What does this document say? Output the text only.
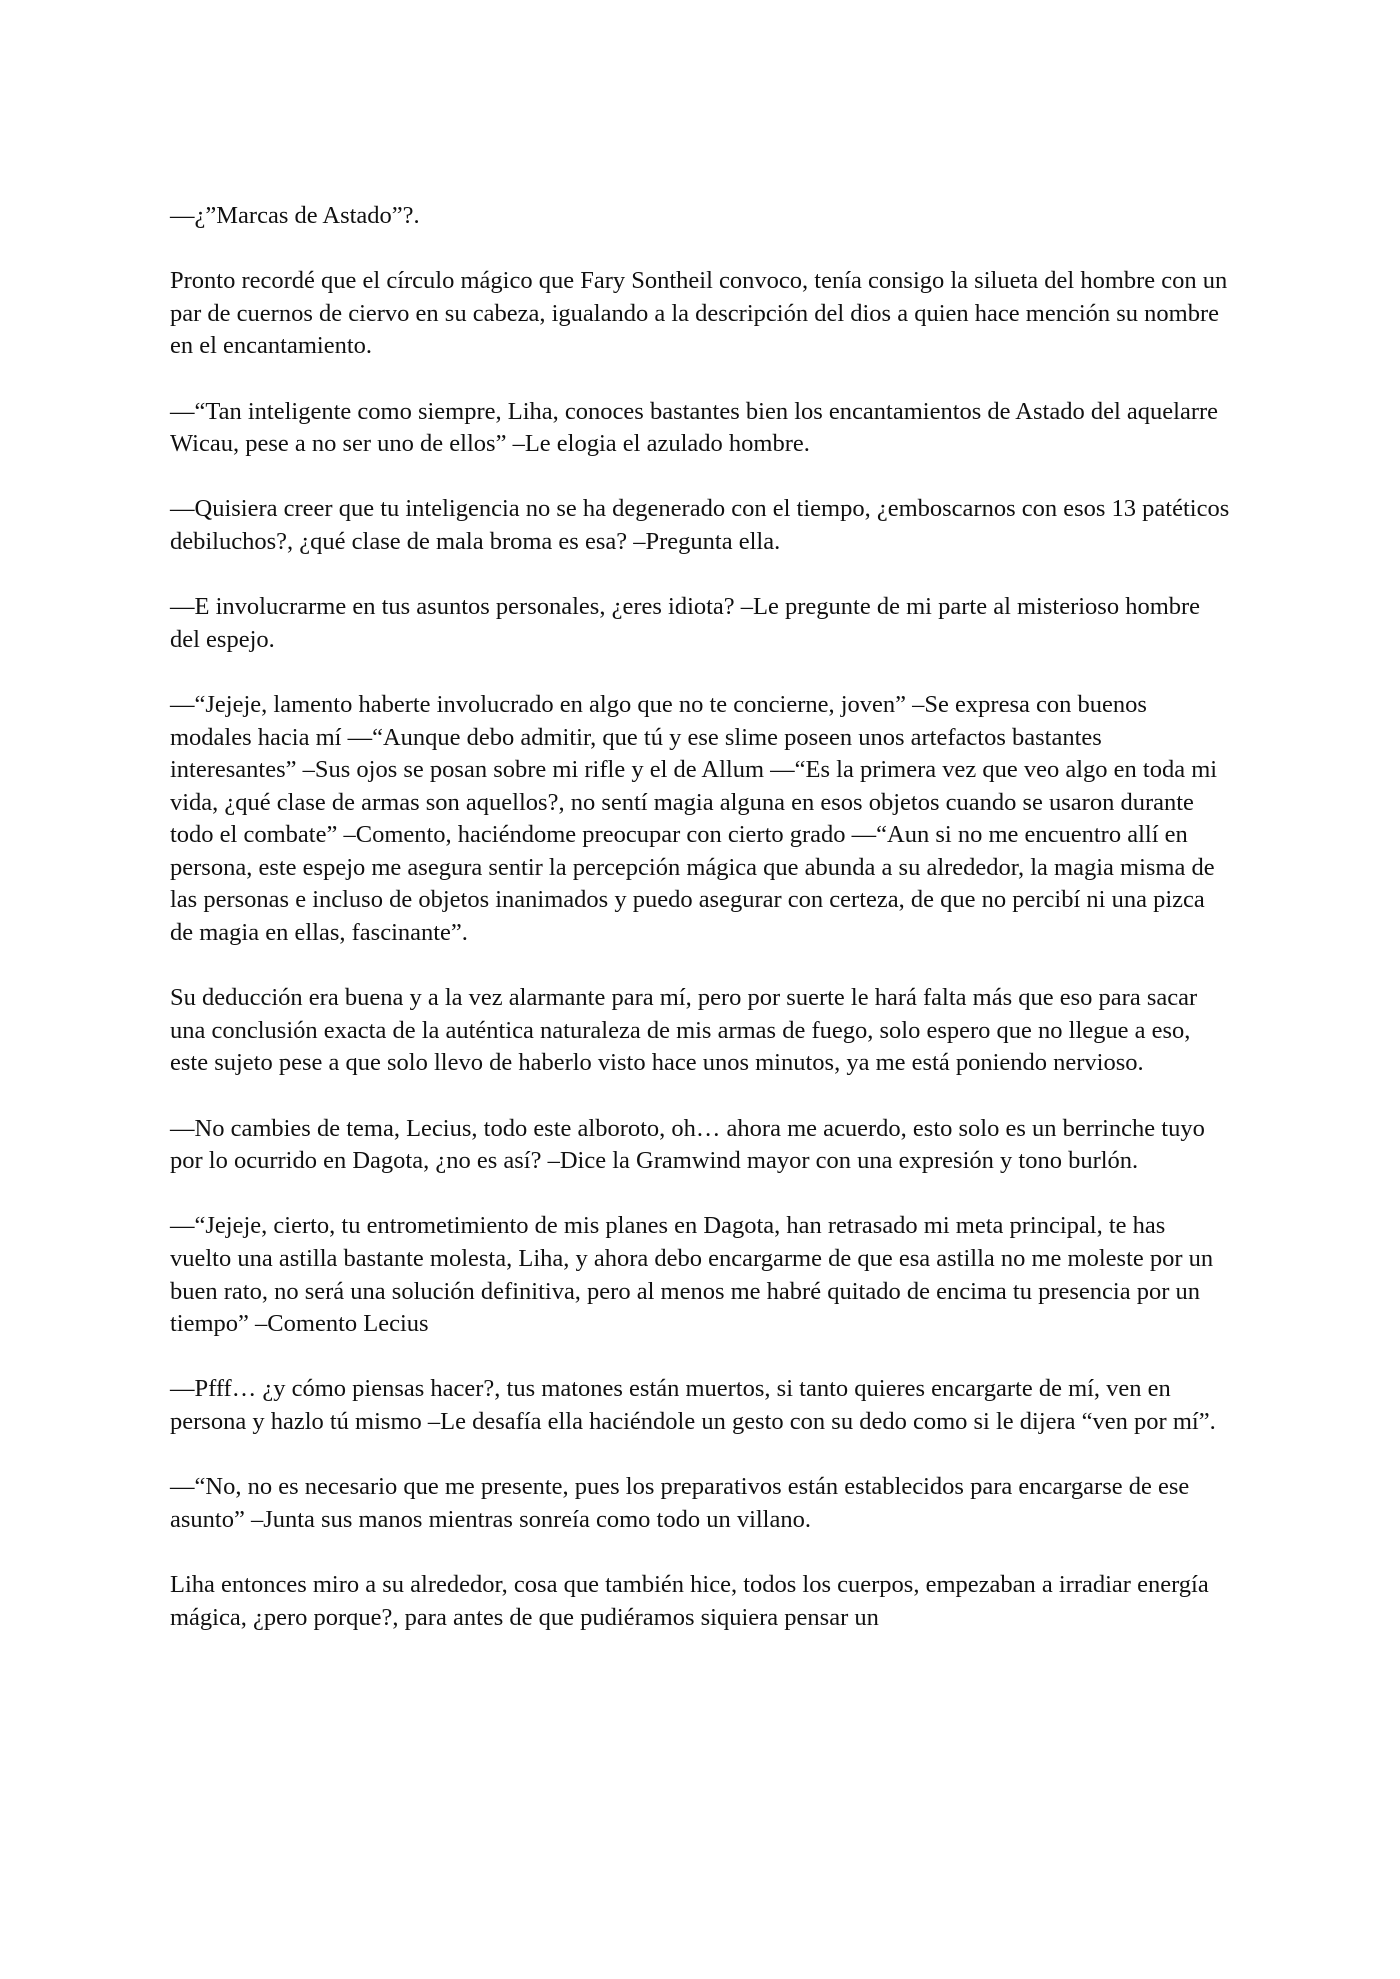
—¿”Marcas de Astado”?.

Pronto recordé que el círculo mágico que Fary Sontheil convoco, tenía consigo la silueta del hombre con un par de cuernos de ciervo en su cabeza, igualando a la descripción del dios a quien hace mención su nombre en el encantamiento.

—“Tan inteligente como siempre, Liha, conoces bastantes bien los encantamientos de Astado del aquelarre Wicau, pese a no ser uno de ellos” –Le elogia el azulado hombre.

—Quisiera creer que tu inteligencia no se ha degenerado con el tiempo, ¿emboscarnos con esos 13 patéticos debiluchos?, ¿qué clase de mala broma es esa? –Pregunta ella.

—E involucrarme en tus asuntos personales, ¿eres idiota? –Le pregunte de mi parte al misterioso hombre del espejo.

—“Jejeje, lamento haberte involucrado en algo que no te concierne, joven” –Se expresa con buenos modales hacia mí —“Aunque debo admitir, que tú y ese slime poseen unos artefactos bastantes interesantes” –Sus ojos se posan sobre mi rifle y el de Allum —“Es la primera vez que veo algo en toda mi vida, ¿qué clase de armas son aquellos?, no sentí magia alguna en esos objetos cuando se usaron durante todo el combate” –Comento, haciéndome preocupar con cierto grado —“Aun si no me encuentro allí en persona, este espejo me asegura sentir la percepción mágica que abunda a su alrededor, la magia misma de las personas e incluso de objetos inanimados y puedo asegurar con certeza, de que no percibí ni una pizca de magia en ellas, fascinante”.

Su deducción era buena y a la vez alarmante para mí, pero por suerte le hará falta más que eso para sacar una conclusión exacta de la auténtica naturaleza de mis armas de fuego, solo espero que no llegue a eso, este sujeto pese a que solo llevo de haberlo visto hace unos minutos, ya me está poniendo nervioso.

—No cambies de tema, Lecius, todo este alboroto, oh… ahora me acuerdo, esto solo es un berrinche tuyo por lo ocurrido en Dagota, ¿no es así? –Dice la Gramwind mayor con una expresión y tono burlón.

—“Jejeje, cierto, tu entrometimiento de mis planes en Dagota, han retrasado mi meta principal, te has vuelto una astilla bastante molesta, Liha, y ahora debo encargarme de que esa astilla no me moleste por un buen rato, no será una solución definitiva, pero al menos me habré quitado de encima tu presencia por un tiempo” –Comento Lecius

—Pfff… ¿y cómo piensas hacer?, tus matones están muertos, si tanto quieres encargarte de mí, ven en persona y hazlo tú mismo –Le desafía ella haciéndole un gesto con su dedo como si le dijera “ven por mí”.

—“No, no es necesario que me presente, pues los preparativos están establecidos para encargarse de ese asunto” –Junta sus manos mientras sonreía como todo un villano.

Liha entonces miro a su alrededor, cosa que también hice, todos los cuerpos, empezaban a irradiar energía mágica, ¿pero porque?, para antes de que pudiéramos siquiera pensar un
